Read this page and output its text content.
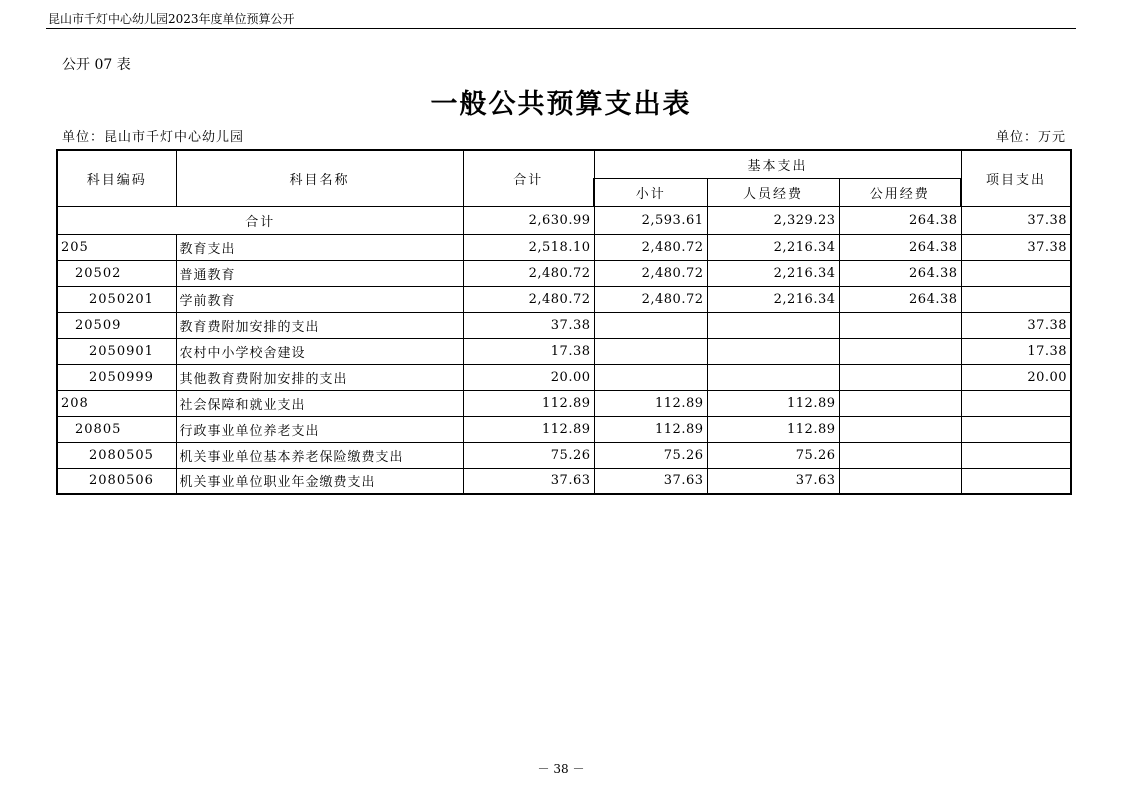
昆山市千灯中心幼儿园2023年度单位预算公开
公开 07 表
一般公共预算支出表
单位：昆山市千灯中心幼儿园	单位：万元
科目编码	科目名称	合计	基本支出			项目支出
			小计	人员经费	公用经费	
合计		2,630.99	2,593.61	2,329.23	264.38	37.38
205	教育支出	2,518.10	2,480.72	2,216.34	264.38	37.38
20502	普通教育	2,480.72	2,480.72	2,216.34	264.38	
2050201	学前教育	2,480.72	2,480.72	2,216.34	264.38	
20509	教育费附加安排的支出	37.38				37.38
2050901	农村中小学校舍建设	17.38				17.38
2050999	其他教育费附加安排的支出	20.00				20.00
208	社会保障和就业支出	112.89	112.89	112.89		
20805	行政事业单位养老支出	112.89	112.89	112.89		
2080505	机关事业单位基本养老保险缴费支出	75.26	75.26	75.26		
2080506	机关事业单位职业年金缴费支出	37.63	37.63	37.63		
－ 38 －
